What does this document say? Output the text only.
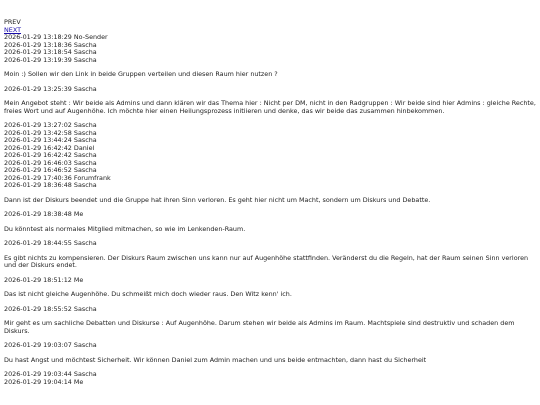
PREV
NEXT
2026-01-29 13:18:29 No-Sender
2026-01-29 13:18:36 Sascha
2026-01-29 13:18:54 Sascha
2026-01-29 13:19:39 Sascha
Moin :) Sollen wir den Link in beide Gruppen verteilen und diesen Raum hier nutzen ?
2026-01-29 13:25:39 Sascha
Mein Angebot steht : Wir beide als Admins und dann klären wir das Thema hier : Nicht per DM, nicht in den Radgruppen : Wir beide sind hier Admins : gleiche Rechte, freies Wort und auf Augenhöhe. Ich möchte hier einen Heilungsprozess initiieren und denke, das wir beide das zusammen hinbekommen.
2026-01-29 13:27:02 Sascha
2026-01-29 13:42:58 Sascha
2026-01-29 13:44:24 Sascha
2026-01-29 16:42:42 Daniel
2026-01-29 16:42:42 Sascha
2026-01-29 16:46:03 Sascha
2026-01-29 16:46:52 Sascha
2026-01-29 17:40:36 Forumfrank
2026-01-29 18:36:48 Sascha
Dann ist der Diskurs beendet und die Gruppe hat ihren Sinn verloren. Es geht hier nicht um Macht, sondern um Diskurs und Debatte.
2026-01-29 18:38:48 Me
Du könntest als normales Mitglied mitmachen, so wie im Lenkenden-Raum.
2026-01-29 18:44:55 Sascha
Es gibt nichts zu kompensieren. Der Diskurs Raum zwischen uns kann nur auf Augenhöhe stattfinden. Veränderst du die Regeln, hat der Raum seinen Sinn verloren und der Diskurs endet.
2026-01-29 18:51:12 Me
Das ist nicht gleiche Augenhöhe. Du schmeißt mich doch wieder raus. Den Witz kenn' ich.
2026-01-29 18:55:52 Sascha
Mir geht es um sachliche Debatten und Diskurse : Auf Augenhöhe. Darum stehen wir beide als Admins im Raum. Machtspiele sind destruktiv und schaden dem Diskurs.
2026-01-29 19:03:07 Sascha
Du hast Angst und möchtest Sicherheit. Wir können Daniel zum Admin machen und uns beide entmachten, dann hast du Sicherheit
2026-01-29 19:03:44 Sascha
2026-01-29 19:04:14 Me
